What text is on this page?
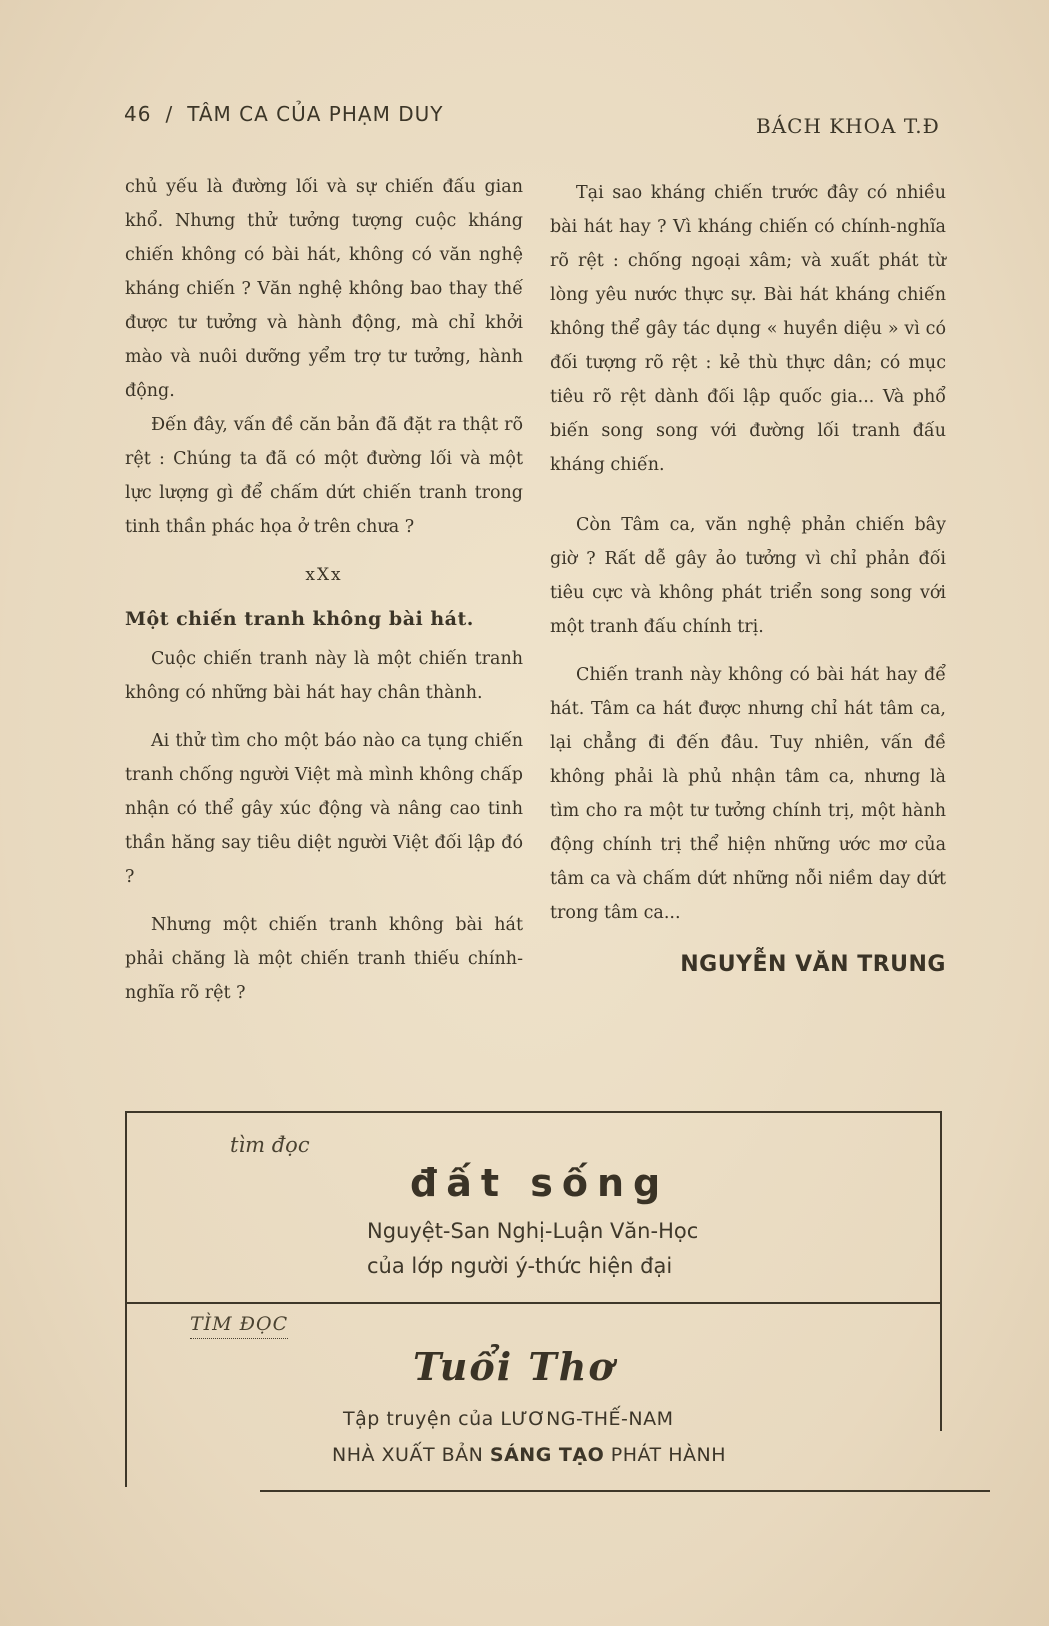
46 / TÂM CA CỦA PHẠM DUY	BÁCH KHOA T.Đ

chủ yếu là đường lối và sự chiến đấu gian khổ. Nhưng thử tưởng tượng cuộc kháng chiến không có bài hát, không có văn nghệ kháng chiến ? Văn nghệ không bao thay thế được tư tưởng và hành động, mà chỉ khởi mào và nuôi dưỡng yểm trợ tư tưởng, hành động.

Đến đây, vấn đề căn bản đã đặt ra thật rõ rệt : Chúng ta đã có một đường lối và một lực lượng gì để chấm dứt chiến tranh trong tinh thần phác họa ở trên chưa ?

xXx
Một chiến tranh không bài hát.

Cuộc chiến tranh này là một chiến tranh không có những bài hát hay chân thành.

Ai thử tìm cho một báo nào ca tụng chiến tranh chống người Việt mà mình không chấp nhận có thể gây xúc động và nâng cao tinh thần hăng say tiêu diệt người Việt đối lập đó ?

Nhưng một chiến tranh không bài hát phải chăng là một chiến tranh thiếu chính-nghĩa rõ rệt ?

Tại sao kháng chiến trước đây có nhiều bài hát hay ? Vì kháng chiến có chính-nghĩa rõ rệt : chống ngoại xâm; và xuất phát từ lòng yêu nước thực sự. Bài hát kháng chiến không thể gây tác dụng « huyền diệu » vì có đối tượng rõ rệt : kẻ thù thực dân; có mục tiêu rõ rệt dành đối lập quốc gia... Và phổ biến song song với đường lối tranh đấu kháng chiến.

Còn Tâm ca, văn nghệ phản chiến bây giờ ? Rất dễ gây ảo tưởng vì chỉ phản đối tiêu cực và không phát triển song song với một tranh đấu chính trị.

Chiến tranh này không có bài hát hay để hát. Tâm ca hát được nhưng chỉ hát tâm ca, lại chẳng đi đến đâu. Tuy nhiên, vấn đề không phải là phủ nhận tâm ca, nhưng là tìm cho ra một tư tưởng chính trị, một hành động chính trị thể hiện những ước mơ của tâm ca và chấm dứt những nỗi niềm day dứt trong tâm ca...

NGUYỄN VĂN TRUNG
tìm đọc
đất sống
Nguyệt-San Nghị-Luận Văn-Học
của lớp người ý-thức hiện đại
TÌM ĐỌC
Tuổi Thơ
Tập truyện của LƯƠNG-THẾ-NAM
NHÀ XUẤT BẢN SÁNG TẠO PHÁT HÀNH
